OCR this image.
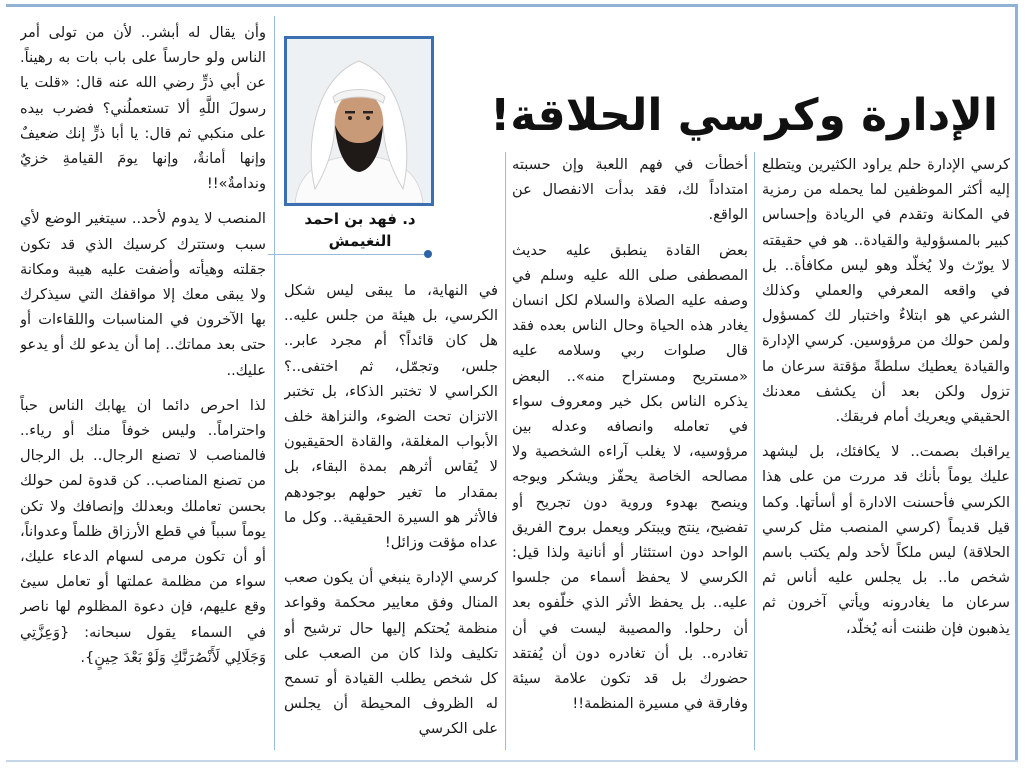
الإدارة وكرسي الحلاقة!
د. فهد بن احمد
النغيمش

كرسي الإدارة حلم يراود الكثيرين ويتطلع إليه أكثر الموظفين لما يحمله من رمزية في المكانة وتقدم في الريادة وإحساس كبير بالمسؤولية والقيادة.. هو في حقيقته لا يورّث ولا يُخلّد وهو ليس مكافأة.. بل في واقعه المعرفي والعملي وكذلك الشرعي هو ابتلاءٌ واختبار لك كمسؤول ولمن حولك من مرؤوسين. كرسي الإدارة والقيادة يعطيك سلطةً مؤقتة سرعان ما تزول ولكن بعد أن يكشف معدنك الحقيقي ويعريك أمام فريقك.

يراقبك بصمت.. لا يكافئك، بل ليشهد عليك يوماً بأنك قد مررت من على هذا الكرسي فأحسنت الادارة أو أسأتها. وكما قيل قديماً (كرسي المنصب مثل كرسي الحلاقة) ليس ملكاً لأحد ولم يكتب باسم شخص ما.. بل يجلس عليه أناس ثم سرعان ما يغادرونه ويأتي آخرون ثم يذهبون فإن ظننت أنه يُخلّد،

أخطأت في فهم اللعبة وإن حسبته امتداداً لك، فقد بدأت الانفصال عن الواقع.

بعض القادة ينطبق عليه حديث المصطفى صلى الله عليه وسلم في وصفه عليه الصلاة والسلام لكل انسان يغادر هذه الحياة وحال الناس بعده فقد قال صلوات ربي وسلامه عليه «مستريح ومستراح منه».. البعض يذكره الناس بكل خير ومعروف سواء في تعامله وانصافه وعدله بين مرؤوسيه، لا يغلب آراءه الشخصية ولا مصالحه الخاصة يحفّز ويشكر ويوجه وينصح بهدوء وروية دون تجريح أو تفضيح، ينتج ويبتكر ويعمل بروح الفريق الواحد دون استئثار أو أنانية ولذا قيل: الكرسي لا يحفظ أسماء من جلسوا عليه.. بل يحفظ الأثر الذي خلّفوه بعد أن رحلوا. والمصيبة ليست في أن تغادره.. بل أن تغادره دون أن يُفتقد حضورك بل قد تكون علامة سيئة وفارقة في مسيرة المنظمة!!

في النهاية، ما يبقى ليس شكل الكرسي، بل هيئة من جلس عليه.. هل كان قائداً؟ أم مجرد عابر.. جلس، وتجمّل، ثم اختفى..؟ الكراسي لا تختبر الذكاء، بل تختبر الاتزان تحت الضوء، والنزاهة خلف الأبواب المغلقة، والقادة الحقيقيون لا يُقاس أثرهم بمدة البقاء، بل بمقدار ما تغير حولهم بوجودهم فالأثر هو السيرة الحقيقية.. وكل ما عداه مؤقت وزائل!

كرسي الإدارة ينبغي أن يكون صعب المنال وفق معايير محكمة وقواعد منظمة يُحتكم إليها حال ترشيح أو تكليف ولذا كان من الصعب على كل شخص يطلب القيادة أو تسمح له الظروف المحيطة أن يجلس على الكرسي

وأن يقال له أبشر.. لأن من تولى أمر الناس ولو حارساً على باب بات به رهيناً. عن أبي ذرٍّ رضي الله عنه قال: «قلت يا رسولَ اللَّهِ ألا تستعملُني؟ فضرب بيده على منكبي ثم قال: يا أبا ذرٍّ إنك ضعيفٌ وإنها أمانةٌ، وإنها يومَ القيامةِ خزيٌ وندامةٌ»!!

المنصب لا يدوم لأحد.. سيتغير الوضع لأي سبب وستترك كرسيك الذي قد تكون جقلته وهيأته وأضفت عليه هيبة ومكانة ولا يبقى معك إلا مواقفك التي سيذكرك بها الآخرون في المناسبات واللقاءات أو حتى بعد مماتك.. إما أن يدعو لك أو يدعو عليك..

لذا احرص دائما ان يهابك الناس حباً واحتراماً.. وليس خوفاً منك أو رياء.. فالمناصب لا تصنع الرجال.. بل الرجال من تصنع المناصب.. كن قدوة لمن حولك بحسن تعاملك وبعدلك وإنصافك ولا تكن يوماً سبباً في قطع الأرزاق ظلماً وعدواناً، أو أن تكون مرمى لسهام الدعاء عليك، سواء من مظلمة عملتها أو تعامل سيئ وقع عليهم، فإن دعوة المظلوم لها ناصر في السماء يقول سبحانه: {وَعِزَّتِي وَجَلَالِي لَأَنْصُرَنَّكِ وَلَوْ بَعْدَ حِينٍ}.
